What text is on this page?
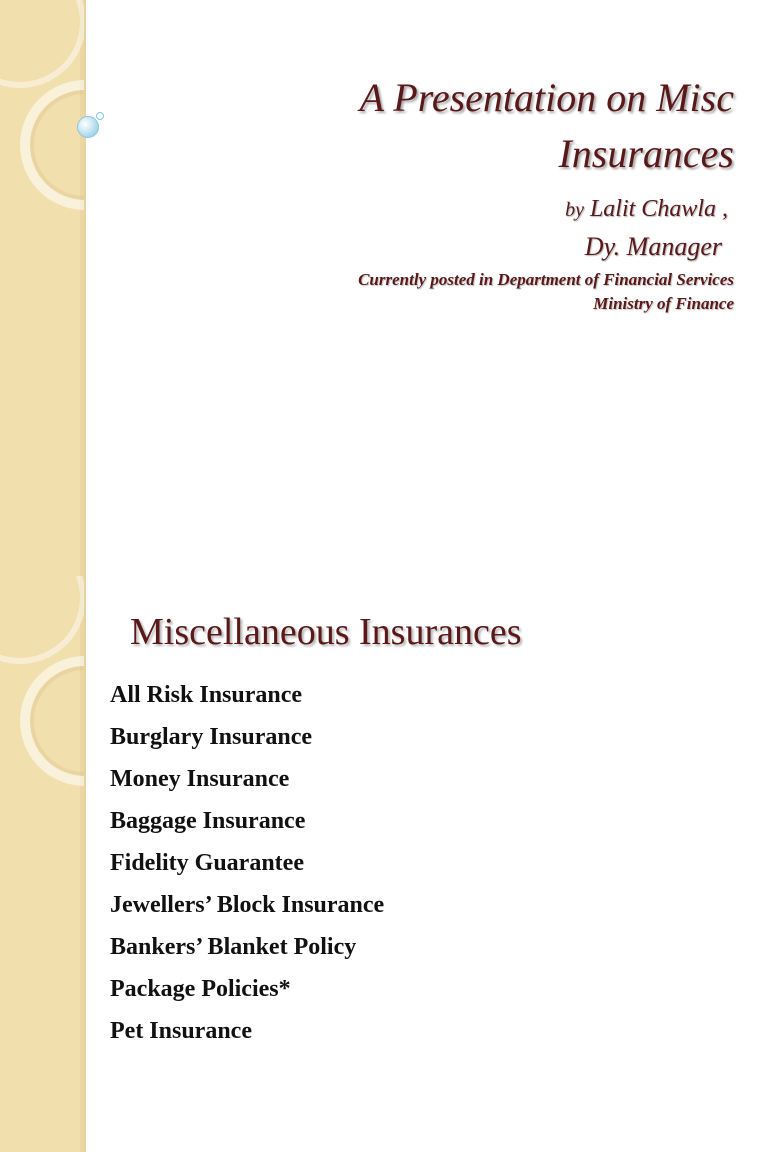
A Presentation on Misc
Insurances
by Lalit Chawla ,
Dy. Manager
Currently posted in Department of Financial Services
Ministry of Finance
Miscellaneous Insurances
All Risk Insurance
Burglary Insurance
Money Insurance
Baggage Insurance
Fidelity Guarantee
Jewellers’ Block Insurance
Bankers’ Blanket Policy
Package Policies*
Pet Insurance
